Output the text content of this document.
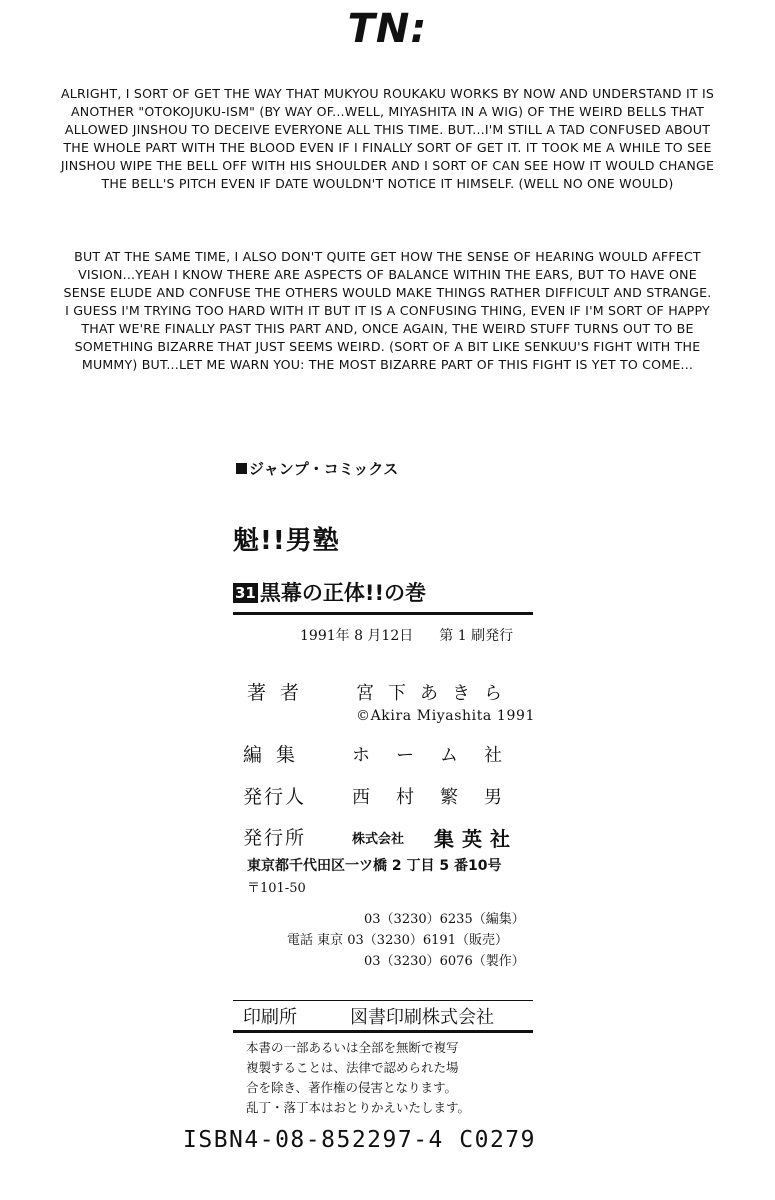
TN:

ALRIGHT, I SORT OF GET THE WAY THAT MUKYOU ROUKAKU WORKS BY NOW AND UNDERSTAND IT IS ANOTHER "OTOKOJUKU-ISM" (BY WAY OF...WELL, MIYASHITA IN A WIG) OF THE WEIRD BELLS THAT ALLOWED JINSHOU TO DECEIVE EVERYONE ALL THIS TIME. BUT...I'M STILL A TAD CONFUSED ABOUT THE WHOLE PART WITH THE BLOOD EVEN IF I FINALLY SORT OF GET IT. IT TOOK ME A WHILE TO SEE JINSHOU WIPE THE BELL OFF WITH HIS SHOULDER AND I SORT OF CAN SEE HOW IT WOULD CHANGE THE BELL'S PITCH EVEN IF DATE WOULDN'T NOTICE IT HIMSELF. (WELL NO ONE WOULD)

BUT AT THE SAME TIME, I ALSO DON'T QUITE GET HOW THE SENSE OF HEARING WOULD AFFECT VISION...YEAH I KNOW THERE ARE ASPECTS OF BALANCE WITHIN THE EARS, BUT TO HAVE ONE SENSE ELUDE AND CONFUSE THE OTHERS WOULD MAKE THINGS RATHER DIFFICULT AND STRANGE. I GUESS I'M TRYING TOO HARD WITH IT BUT IT IS A CONFUSING THING, EVEN IF I'M SORT OF HAPPY THAT WE'RE FINALLY PAST THIS PART AND, ONCE AGAIN, THE WEIRD STUFF TURNS OUT TO BE SOMETHING BIZARRE THAT JUST SEEMS WEIRD. (SORT OF A BIT LIKE SENKUU'S FIGHT WITH THE MUMMY) BUT...LET ME WARN YOU: THE MOST BIZARRE PART OF THIS FIGHT IS YET TO COME...

ジャンプ・コミックス
魁!!男塾
31 黒幕の正体!!の巻
1991年 8 月12日 第 1 刷発行
著者 宮下あきら
©Akira Miyashita 1991
編集 ホーム社
発行人	西村繁男
発行所	株式会社 集英社
東京都千代田区一ツ橋 2 丁目 5 番10号
〒101-50
03（3230）6235（編集）
電話 東京 03（3230）6191（販売）
03（3230）6076（製作）
印刷所	図書印刷株式会社
本書の一部あるいは全部を無断で複写
複製することは、法律で認められた場
合を除き、著作権の侵害となります。
乱丁・落丁本はおとりかえいたします。
ISBN4-08-852297-4 C0279
